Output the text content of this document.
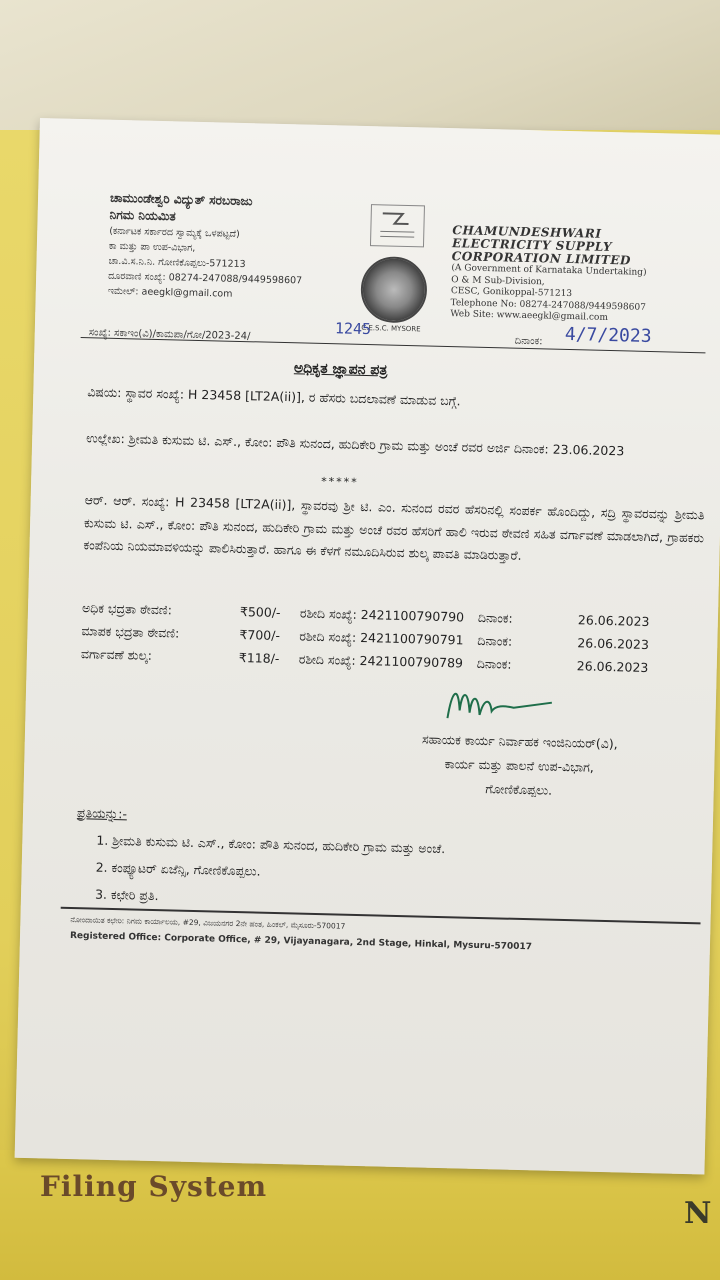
Filing System
N
ಚಾಮುಂಡೇಶ್ವರಿ ವಿದ್ಯುತ್ ಸರಬರಾಜು
ನಿಗಮ ನಿಯಮಿತ
(ಕರ್ನಾಟಕ ಸರ್ಕಾರದ ಸ್ವಾಮ್ಯಕ್ಕೆ ಒಳಪಟ್ಟದೆ)
ಕಾ ಮತ್ತು ಪಾ ಉಪ-ವಿಭಾಗ,
ಚಾ.ವಿ.ಸ.ನಿ.ನಿ. ಗೋಣಿಕೊಪ್ಪಲು-571213
ದೂರವಾಣಿ ಸಂಖ್ಯೆ: 08274-247088/9449598607
ಇಮೇಲ್: aeegkl@gmail.com
C.E.S.C. MYSORE
CHAMUNDESHWARI
ELECTRICITY SUPPLY
CORPORATION LIMITED
(A Government of Karnataka Undertaking)
O & M Sub-Division,
CESC, Gonikoppal-571213
Telephone No: 08274-247088/9449598607
Web Site: www.aeegkl@gmail.com
ಸಂಖ್ಯೆ: ಸಕಾಇಂ(ವಿ)/ಕಾಮಪಾ/ಗೋ/2023-24/	1245
ದಿನಾಂಕ: 4/7/2023
ಅಧಿಕೃತ ಜ್ಞಾಪನ ಪತ್ರ
ವಿಷಯ: ಸ್ಥಾವರ ಸಂಖ್ಯೆ: H 23458 [LT2A(ii)], ರ ಹೆಸರು ಬದಲಾವಣೆ ಮಾಡುವ ಬಗ್ಗೆ.
ಉಲ್ಲೇಖ: ಶ್ರೀಮತಿ ಕುಸುಮ ಟಿ. ಎಸ್., ಕೋಂ: ಪೌತಿ ಸುನಂದ, ಹುದಿಕೇರಿ ಗ್ರಾಮ ಮತ್ತು ಅಂಚೆ ರವರ ಅರ್ಜಿ ದಿನಾಂಕ: 23.06.2023
*****
ಆರ್. ಆರ್. ಸಂಖ್ಯೆ: H 23458 [LT2A(ii)], ಸ್ಥಾವರವು ಶ್ರೀ ಟಿ. ಎಂ. ಸುನಂದ ರವರ ಹೆಸರಿನಲ್ಲಿ ಸಂಪರ್ಕ ಹೊಂದಿದ್ದು, ಸದ್ರಿ ಸ್ಥಾವರವನ್ನು ಶ್ರೀಮತಿ ಕುಸುಮ ಟಿ. ಎಸ್., ಕೋಂ: ಪೌತಿ ಸುನಂದ, ಹುದಿಕೇರಿ ಗ್ರಾಮ ಮತ್ತು ಅಂಚೆ ರವರ ಹೆಸರಿಗೆ ಹಾಲಿ ಇರುವ ಠೇವಣಿ ಸಹಿತ ವರ್ಗಾವಣೆ ಮಾಡಲಾಗಿದೆ, ಗ್ರಾಹಕರು ಕಂಪೆನಿಯ ನಿಯಮಾವಳಿಯನ್ನು ಪಾಲಿಸಿರುತ್ತಾರೆ. ಹಾಗೂ ಈ ಕೆಳಗೆ ನಮೂದಿಸಿರುವ ಶುಲ್ಕ ಪಾವತಿ ಮಾಡಿರುತ್ತಾರೆ.
ಅಧಿಕ ಭದ್ರತಾ ಠೇವಣಿ:	₹500/- ರಶೀದಿ ಸಂಖ್ಯೆ: 2421100790790 ದಿನಾಂಕ:	26.06.2023
ಮಾಪಕ ಭದ್ರತಾ ಠೇವಣಿ:	₹700/- ರಶೀದಿ ಸಂಖ್ಯೆ: 2421100790791 ದಿನಾಂಕ:	26.06.2023
ವರ್ಗಾವಣೆ ಶುಲ್ಕ:	₹118/- ರಶೀದಿ ಸಂಖ್ಯೆ: 2421100790789 ದಿನಾಂಕ:	26.06.2023
ಸಹಾಯಕ ಕಾರ್ಯ ನಿರ್ವಾಹಕ ಇಂಜಿನಿಯರ್(ವಿ),
ಕಾರ್ಯ ಮತ್ತು ಪಾಲನೆ ಉಪ-ವಿಭಾಗ,
ಗೋಣಿಕೊಪ್ಪಲು.
ಪ್ರತಿಯನ್ನು:-
1. ಶ್ರೀಮತಿ ಕುಸುಮ ಟಿ. ಎಸ್., ಕೋಂ: ಪೌತಿ ಸುನಂದ, ಹುದಿಕೇರಿ ಗ್ರಾಮ ಮತ್ತು ಅಂಚೆ.
2. ಕಂಪ್ಯೂಟರ್ ಏಜೆನ್ಸಿ, ಗೋಣಿಕೊಪ್ಪಲು.
3. ಕಛೇರಿ ಪ್ರತಿ.
ನೋಂದಾಯಿತ ಕಛೇರಿ: ನಿಗಮ ಕಾರ್ಯಾಲಯ, #29, ವಿಜಯನಗರ 2ನೇ ಹಂತ, ಹಿಂಕಲ್, ಮೈಸೂರು-570017
Registered Office: Corporate Office, # 29, Vijayanagara, 2nd Stage, Hinkal, Mysuru-570017
